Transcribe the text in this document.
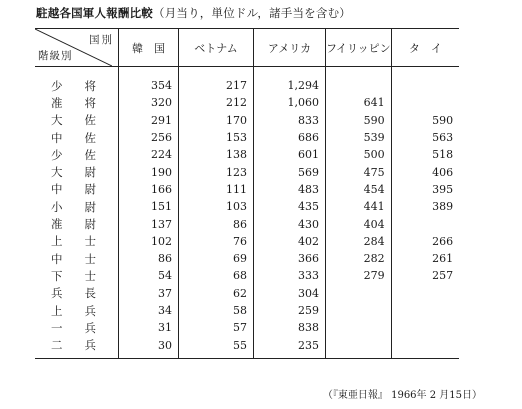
駐越各国軍人報酬比較（月当り，単位ドル，諸手当を含む）
国別
階級別	韓　国	ベトナム	アメリカ	フイリッピン	タ　イ
少将	354	217	1,294		
准将	320	212	1,060	641	
大佐	291	170	833	590	590
中佐	256	153	686	539	563
少佐	224	138	601	500	518
大尉	190	123	569	475	406
中尉	166	111	483	454	395
小尉	151	103	435	441	389
准尉	137	86	430	404	
上士	102	76	402	284	266
中士	86	69	366	282	261
下士	54	68	333	279	257
兵長	37	62	304		
上兵	34	58	259		
一兵	31	57	838		
二兵	30	55	235		
（『東亜日報』 1966年 2 月15日）
